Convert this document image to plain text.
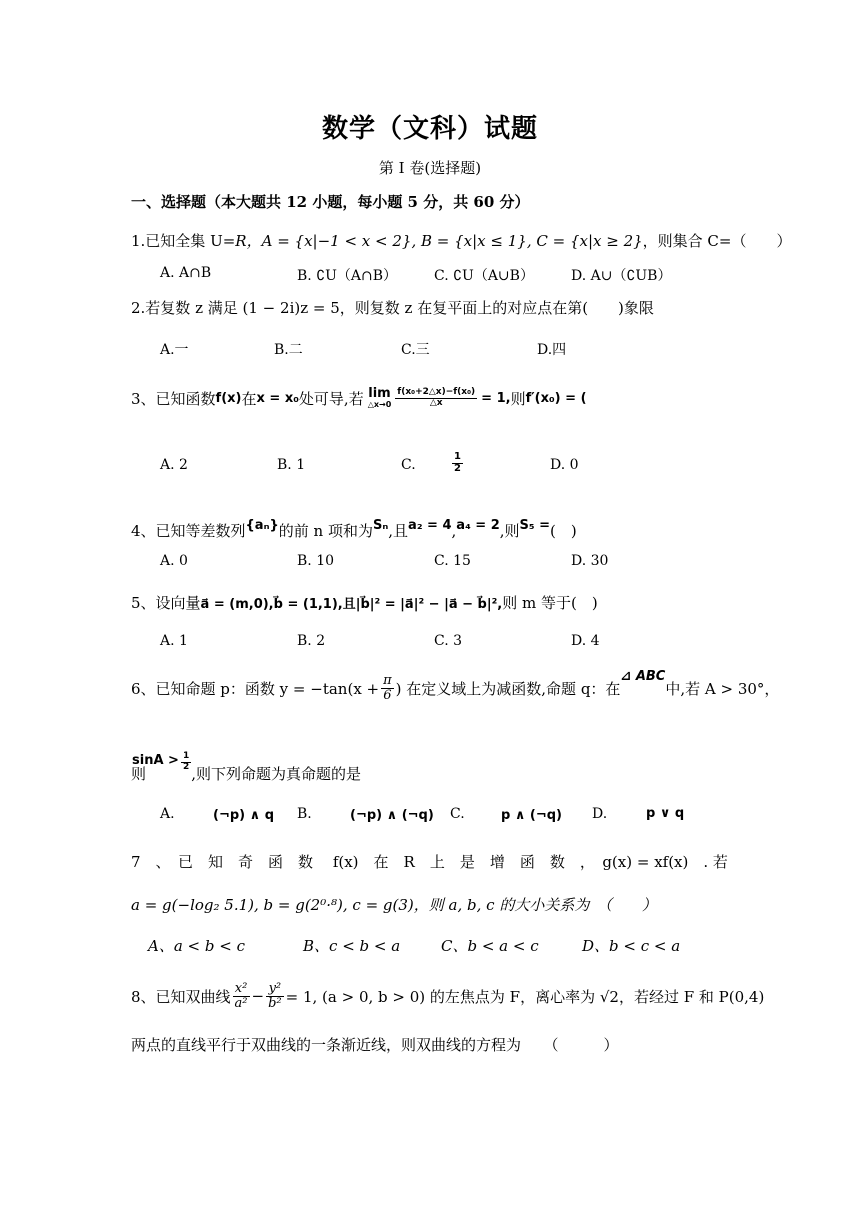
数学（文科）试题
第 I 卷(选择题)
一、选择题（本大题共 12 小题，每小题 5 分，共 60 分）
1.已知全集 U=R，A = {x|−1 < x < 2}, B = {x|x ≤ 1}, C = {x|x ≥ 2}，则集合 C=（　　）
A. A∩B	B. ∁U（A∩B）	C. ∁U（A∪B）	D. A∪（∁UB）
2.若复数 z 满足 (1 − 2i)z = 5，则复数 z 在复平面上的对应点在第(　　)象限
A.一	B.二	C.三	D.四
3、已知函数 f(x) 在 x = x₀ 处可导,若 lim
△x→0 $\frac{\text{f(x₀+2△x)−f(x₀)}}{\triangle x} = 1$, 则 f′(x₀) = (
A. 2	B. 1	C.	$\frac{1}{2}$	D. 0
4、已知等差数列{aₙ}的前 n 项和为Sₙ,且a₂ = 4,a₄ = 2,则S₅ =(　)
A. 0	B. 10	C. 15	D. 30
5、设向量a⃗ = (m,0),b⃗ = (1,1),且|b⃗|² = |a⃗|² − |a⃗ − b⃗|²,则 m 等于(　)
A. 1	B. 2	C. 3	D. 4
6、已知命题 p：函数 $y = -\tan(x + \frac{\pi}{6}$ ) 在定义域上为减函数,命题 q：在
⊿ ABC
中,若 A > 30°，
则
$\sin A > \frac{1}{2}$
,则下列命题为真命题的是
A.	(¬p) ∧ q B.	(¬p) ∧ (¬q) C.	p ∧ (¬q) D.	p ∨ q
7　、　已　知　奇　函　数　 f(x)　在　R　上　是　增　函　数　，　g(x) = xf(x)　. 若
a = g(−log₂ 5.1), b = g(2⁰·⁸), c = g(3)，则 a, b, c 的大小关系为　（　　）
A、a < b < c	B、c < b < a	C、b < a < c	D、b < c < a
8、已知双曲线 $\frac{\text{x²}}{\text{a²}} - \frac{\text{y²}}{\text{b²}} = 1$, (a > 0, b > 0) 的左焦点为 F，离心率为 √2，若经过 F 和 P(0,4)
两点的直线平行于双曲线的一条渐近线，则双曲线的方程为　　（　　　）
